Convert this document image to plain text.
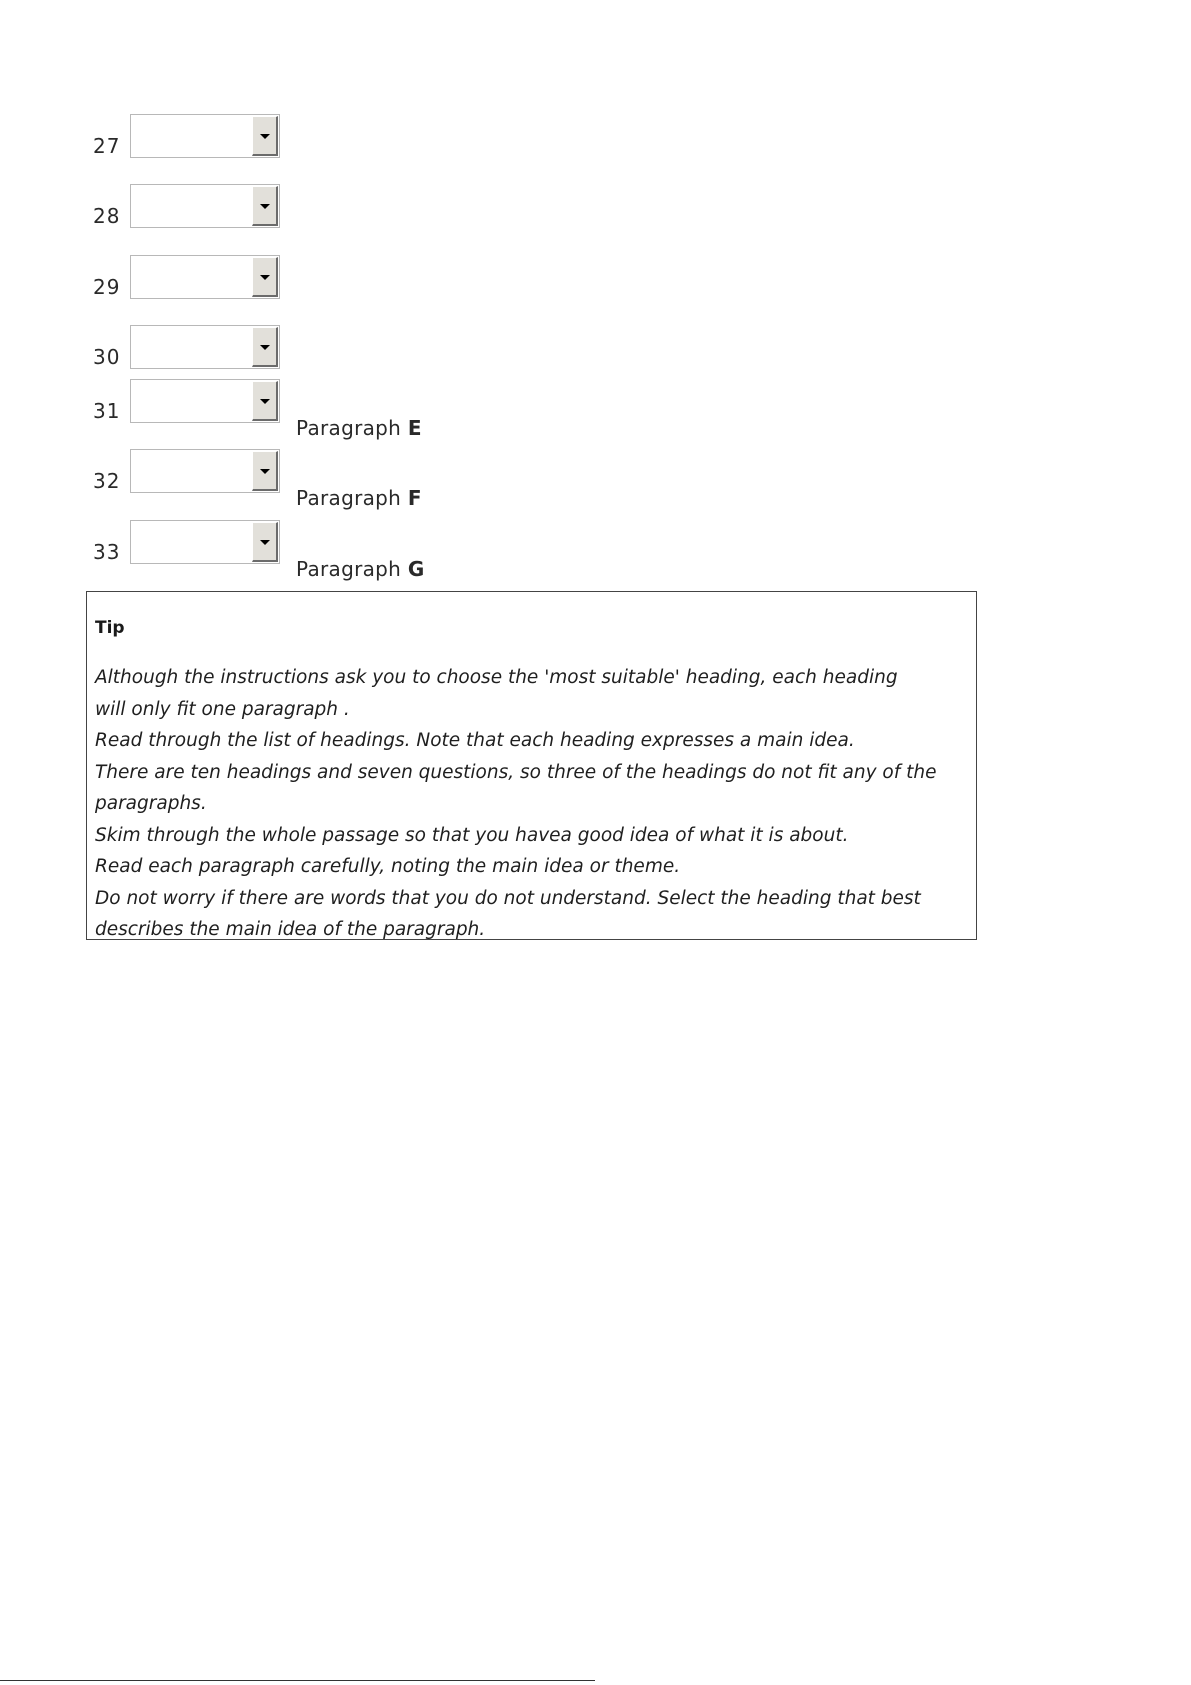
27
28
29
30
31
Paragraph E
32
Paragraph F
33
Paragraph G
Tip
Although the instructions ask you to choose the 'most suitable' heading, each heading
will only fit one paragraph .
Read through the list of headings. Note that each heading expresses a main idea.
There are ten headings and seven questions, so three of the headings do not fit any of the
paragraphs.
Skim through the whole passage so that you havea good idea of what it is about.
Read each paragraph carefully, noting the main idea or theme.
Do not worry if there are words that you do not understand. Select the heading that best
describes the main idea of the paragraph.
